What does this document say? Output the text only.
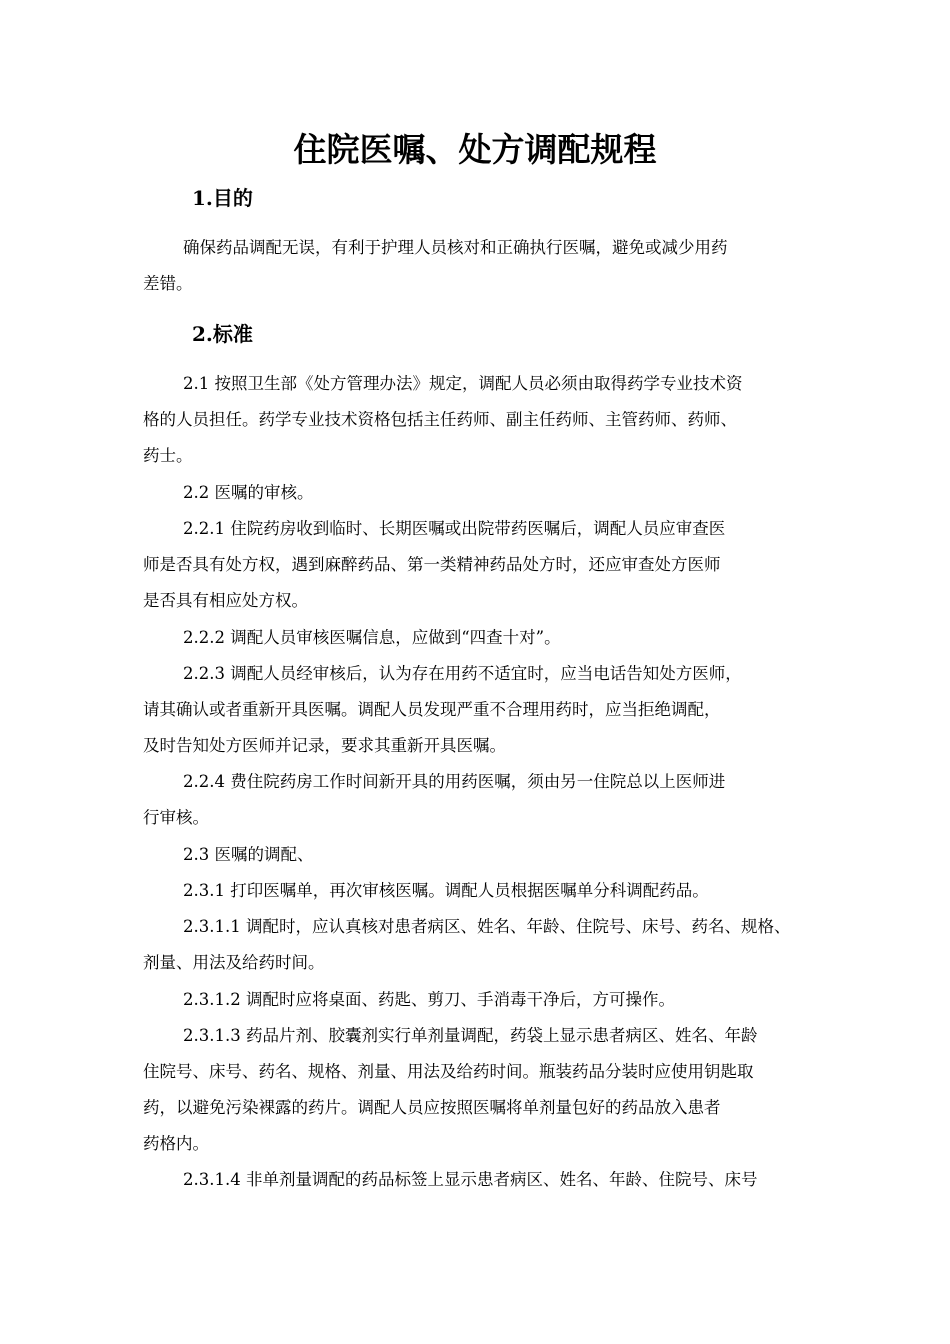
住院医嘱、处方调配规程
1.目的
确保药品调配无误，有利于护理人员核对和正确执行医嘱，避免或减少用药
差错。
2.标准
2.1 按照卫生部《处方管理办法》规定，调配人员必须由取得药学专业技术资
格的人员担任。药学专业技术资格包括主任药师、副主任药师、主管药师、药师、
药士。
2.2 医嘱的审核。
2.2.1 住院药房收到临时、长期医嘱或出院带药医嘱后，调配人员应审查医
师是否具有处方权，遇到麻醉药品、第一类精神药品处方时，还应审查处方医师
是否具有相应处方权。
2.2.2 调配人员审核医嘱信息，应做到“四查十对”。
2.2.3 调配人员经审核后，认为存在用药不适宜时，应当电话告知处方医师，
请其确认或者重新开具医嘱。调配人员发现严重不合理用药时，应当拒绝调配，
及时告知处方医师并记录，要求其重新开具医嘱。
2.2.4 费住院药房工作时间新开具的用药医嘱，须由另一住院总以上医师进
行审核。
2.3 医嘱的调配、
2.3.1 打印医嘱单，再次审核医嘱。调配人员根据医嘱单分科调配药品。
2.3.1.1 调配时，应认真核对患者病区、姓名、年龄、住院号、床号、药名、规格、
剂量、用法及给药时间。
2.3.1.2 调配时应将桌面、药匙、剪刀、手消毒干净后，方可操作。
2.3.1.3 药品片剂、胶囊剂实行单剂量调配，药袋上显示患者病区、姓名、年龄
住院号、床号、药名、规格、剂量、用法及给药时间。瓶装药品分装时应使用钥匙取
药，以避免污染裸露的药片。调配人员应按照医嘱将单剂量包好的药品放入患者
药格内。
2.3.1.4 非单剂量调配的药品标签上显示患者病区、姓名、年龄、住院号、床号
